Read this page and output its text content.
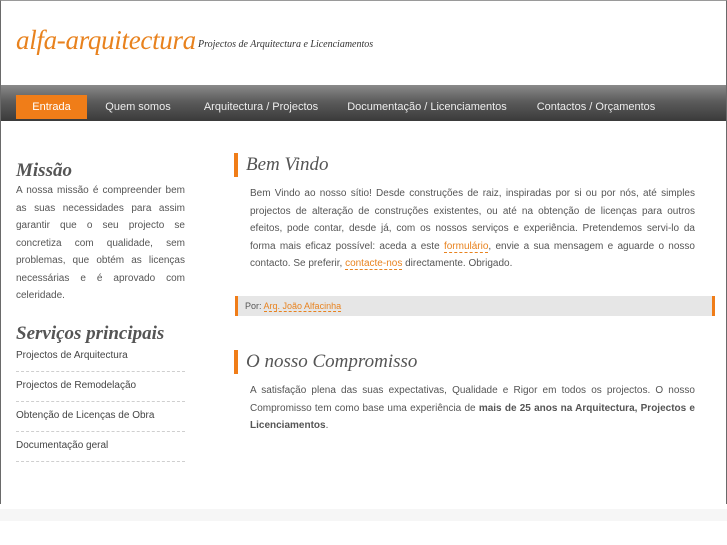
alfa-arquitectura Projectos de Arquitectura e Licenciamentos
Entrada	Quem somos	Arquitectura / Projectos	Documentação / Licenciamentos	Contactos / Orçamentos
Missão

A nossa missão é compreender bem as suas necessidades para assim garantir que o seu projecto se concretiza com qualidade, sem problemas, que obtém as licenças necessárias e é aprovado com celeridade.

Serviços principais
Projectos de Arquitectura
Projectos de Remodelação
Obtenção de Licenças de Obra
Documentação geral
Bem Vindo

Bem Vindo ao nosso sítio! Desde construções de raiz, inspiradas por si ou por nós, até simples projectos de alteração de construções existentes, ou até na obtenção de licenças para outros efeitos, pode contar, desde já, com os nossos serviços e experiência. Pretendemos servi-lo da forma mais eficaz possível: aceda a este formulário, envie a sua mensagem e aguarde o nosso contacto. Se preferir, contacte-nos directamente. Obrigado.

Por: Arq. João Alfacinha
O nosso Compromisso

A satisfação plena das suas expectativas, Qualidade e Rigor em todos os projectos. O nosso Compromisso tem como base uma experiência de mais de 25 anos na Arquitectura, Projectos e Licenciamentos.
